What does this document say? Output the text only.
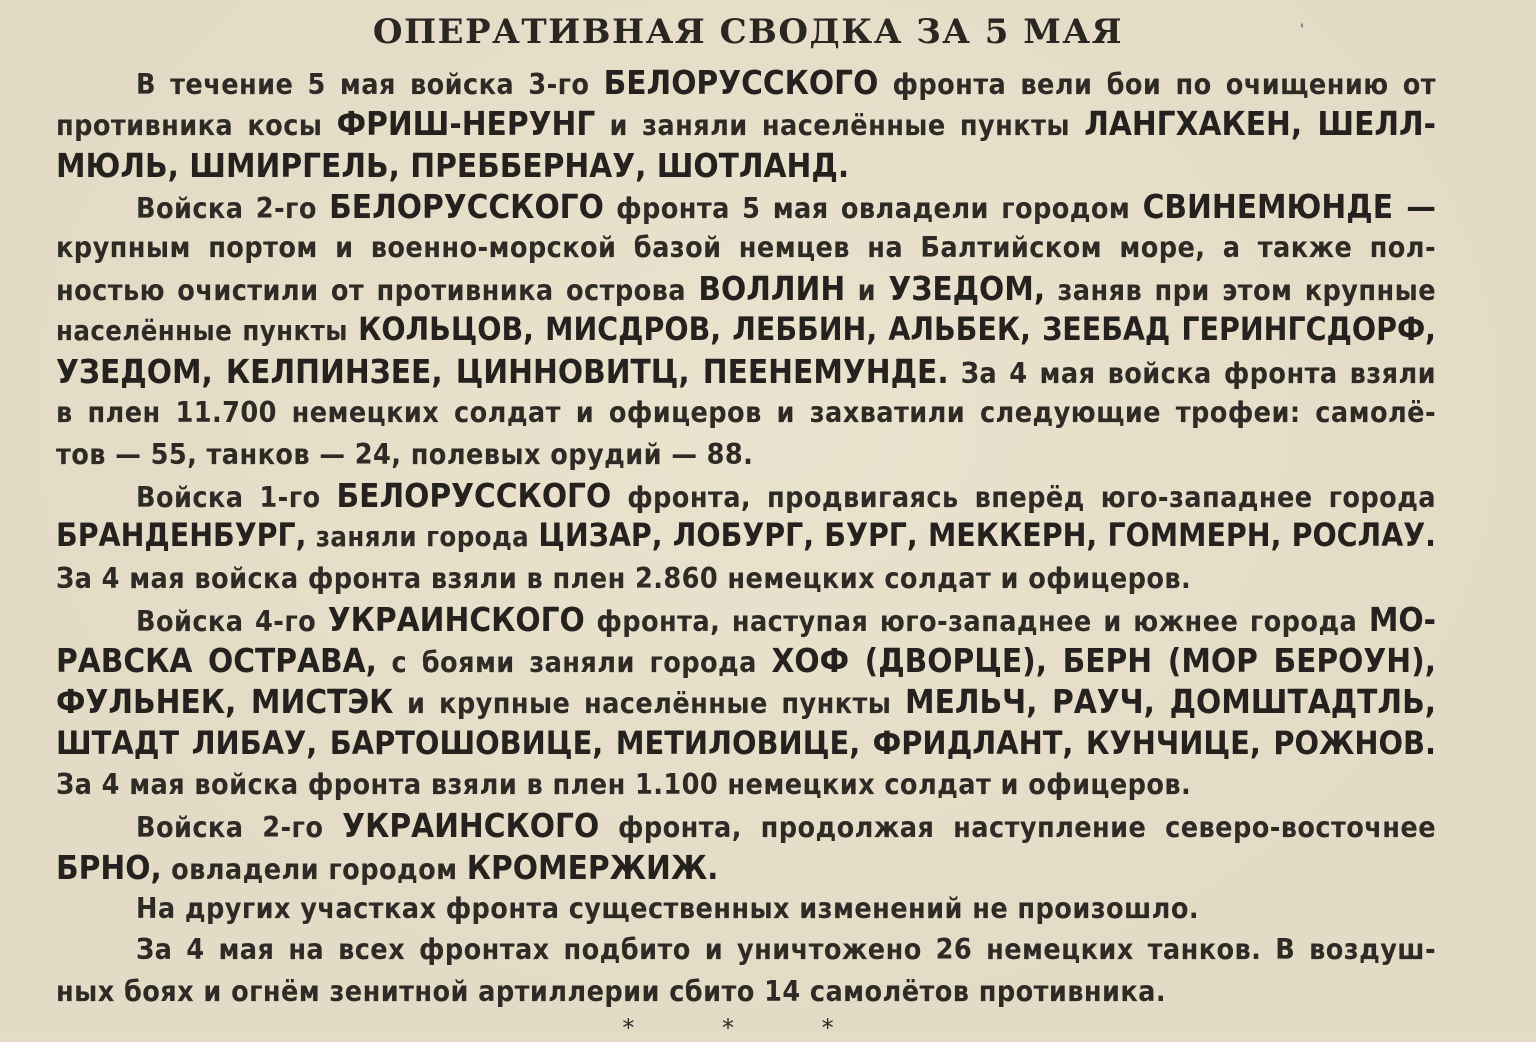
ОПЕРАТИВНАЯ СВОДКА ЗА 5 МАЯ	'
В течение 5 мая войска 3-го БЕЛОРУССКОГО фронта вели бои по очищению от
противника косы ФРИШ-НЕРУНГ и заняли населённые пункты ЛАНГХАКЕН, ШЕЛЛ-
МЮЛЬ, ШМИРГЕЛЬ, ПРЕББЕРНАУ, ШОТЛАНД.
Войска 2-го БЕЛОРУССКОГО фронта 5 мая овладели городом СВИНЕМЮНДЕ —
крупным портом и военно-морской базой немцев на Балтийском море, а также пол-
ностью очистили от противника острова ВОЛЛИН и УЗЕДОМ, заняв при этом крупные
населённые пункты КОЛЬЦОВ, МИСДРОВ, ЛЕББИН, АЛЬБЕК, ЗЕЕБАД ГЕРИНГСДОРФ,
УЗЕДОМ, КЕЛПИНЗЕЕ, ЦИННОВИТЦ, ПЕЕНЕМУНДЕ. За 4 мая войска фронта взяли
в плен 11.700 немецких солдат и офицеров и захватили следующие трофеи: самолё-
тов — 55, танков — 24, полевых орудий — 88.
Войска 1-го БЕЛОРУССКОГО фронта, продвигаясь вперёд юго-западнее города
БРАНДЕНБУРГ, заняли города ЦИЗАР, ЛОБУРГ, БУРГ, МЕККЕРН, ГОММЕРН, РОСЛАУ.
За 4 мая войска фронта взяли в плен 2.860 немецких солдат и офицеров.
Войска 4-го УКРАИНСКОГО фронта, наступая юго-западнее и южнее города МО-
РАВСКА ОСТРАВА, с боями заняли города ХОФ (ДВОРЦЕ), БЕРН (МОР БЕРОУН),
ФУЛЬНЕК, МИСТЭК и крупные населённые пункты МЕЛЬЧ, РАУЧ, ДОМШТАДТЛЬ,
ШТАДТ ЛИБАУ, БАРТОШОВИЦЕ, МЕТИЛОВИЦЕ, ФРИДЛАНТ, КУНЧИЦЕ, РОЖНОВ.
За 4 мая войска фронта взяли в плен 1.100 немецких солдат и офицеров.
Войска 2-го УКРАИНСКОГО фронта, продолжая наступление северо-восточнее
БРНО, овладели городом КРОМЕРЖИЖ.
На других участках фронта существенных изменений не произошло.
За 4 мая на всех фронтах подбито и уничтожено 26 немецких танков. В воздуш-
ных боях и огнём зенитной артиллерии сбито 14 самолётов противника.
* * *
